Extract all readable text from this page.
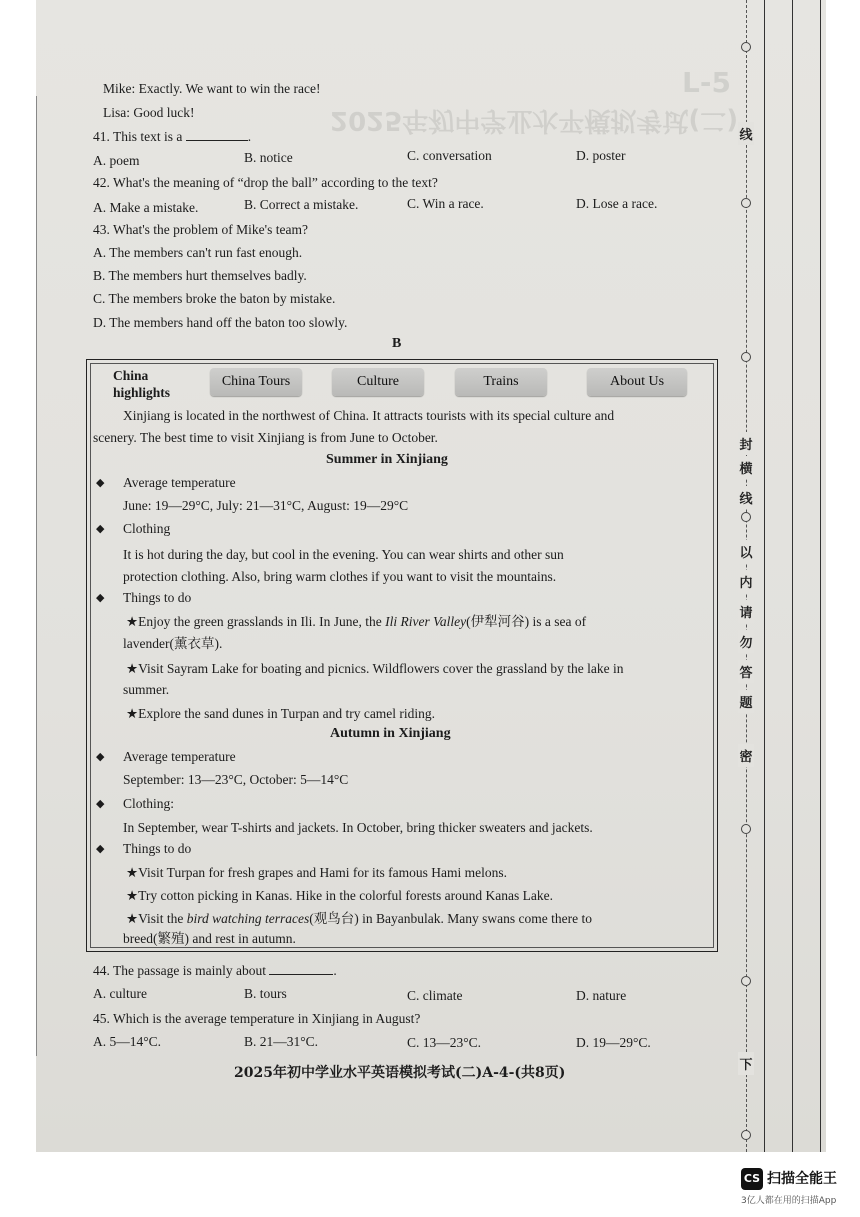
L-5
2025年初中学业水平模拟考试(二)
线
封
横
线
以
内
请
勿
答
题
密
下
Mike: Exactly. We want to win the race!
Lisa: Good luck!
41. This text is a	.
A. poem	B. notice	C. conversation	D. poster
42. What's the meaning of “drop the ball” according to the text?
A. Make a mistake.	B. Correct a mistake.	C. Win a race.	D. Lose a race.
43. What's the problem of Mike's team?
A. The members can't run fast enough.
B. The members hurt themselves badly.
C. The members broke the baton by mistake.
D. The members hand off the baton too slowly.
B
China
highlights
China Tours	Culture	Trains	About Us
Xinjiang is located in the northwest of China. It attracts tourists with its special culture and
scenery. The best time to visit Xinjiang is from June to October.
Summer in Xinjiang
◆ Average temperature
June: 19—29°C, July: 21—31°C, August: 19—29°C
◆ Clothing
It is hot during the day, but cool in the evening. You can wear shirts and other sun
protection clothing. Also, bring warm clothes if you want to visit the mountains.
◆ Things to do
★Enjoy the green grasslands in Ili. In June, the Ili River Valley(伊犁河谷) is a sea of
lavender(薰衣草).
★Visit Sayram Lake for boating and picnics. Wildflowers cover the grassland by the lake in
summer.
★Explore the sand dunes in Turpan and try camel riding.
Autumn in Xinjiang
◆ Average temperature
September: 13—23°C, October: 5—14°C
◆ Clothing:
In September, wear T-shirts and jackets. In October, bring thicker sweaters and jackets.
◆ Things to do
★Visit Turpan for fresh grapes and Hami for its famous Hami melons.
★Try cotton picking in Kanas. Hike in the colorful forests around Kanas Lake.
★Visit the bird watching terraces(观鸟台) in Bayanbulak. Many swans come there to
breed(繁殖) and rest in autumn.
44. The passage is mainly about	.
A. culture	B. tours	C. climate	D. nature
45. Which is the average temperature in Xinjiang in August?
A. 5—14°C.	B. 21—31°C.	C. 13—23°C.	D. 19—29°C.
2025年初中学业水平英语模拟考试(二)A-4-(共8页)
CS 扫描全能王
3亿人都在用的扫描App
